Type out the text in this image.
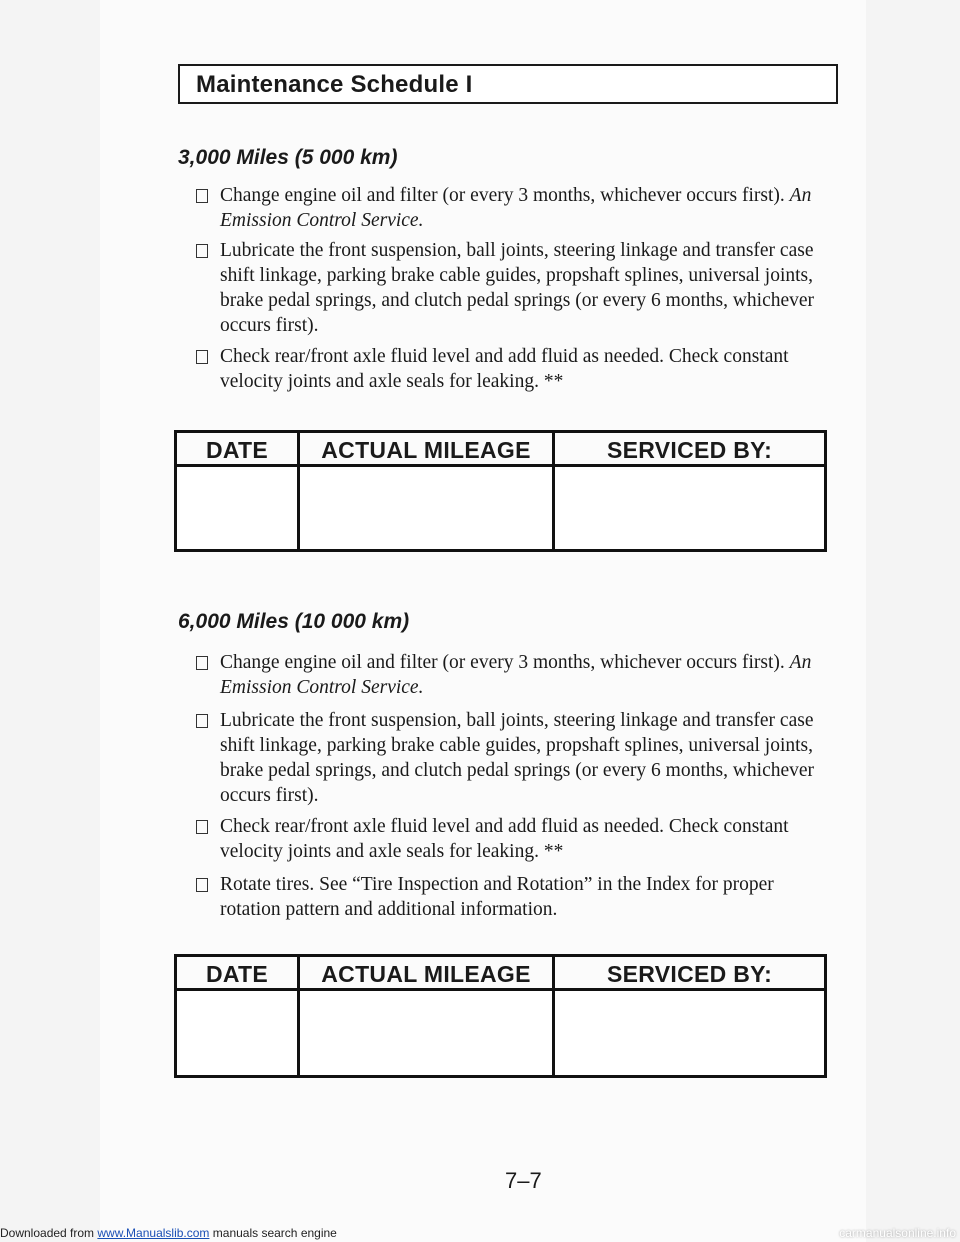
Maintenance Schedule I
3,000 Miles (5 000 km)
Change engine oil and filter (or every 3 months, whichever occurs first). An Emission Control Service.
Lubricate the front suspension, ball joints, steering linkage and transfer case shift linkage, parking brake cable guides, propshaft splines, universal joints, brake pedal springs, and clutch pedal springs (or every 6 months, whichever occurs first).
Check rear/front axle fluid level and add fluid as needed. Check constant velocity joints and axle seals for leaking. **
DATE	ACTUAL MILEAGE	SERVICED BY:
6,000 Miles (10 000 km)
Change engine oil and filter (or every 3 months, whichever occurs first). An Emission Control Service.
Lubricate the front suspension, ball joints, steering linkage and transfer case shift linkage, parking brake cable guides, propshaft splines, universal joints, brake pedal springs, and clutch pedal springs (or every 6 months, whichever occurs first).
Check rear/front axle fluid level and add fluid as needed. Check constant velocity joints and axle seals for leaking. **
Rotate tires. See “Tire Inspection and Rotation” in the Index for proper rotation pattern and additional information.
DATE	ACTUAL MILEAGE	SERVICED BY:
7–7
Downloaded from www.Manualslib.com manuals search engine	carmanualsonline.info
